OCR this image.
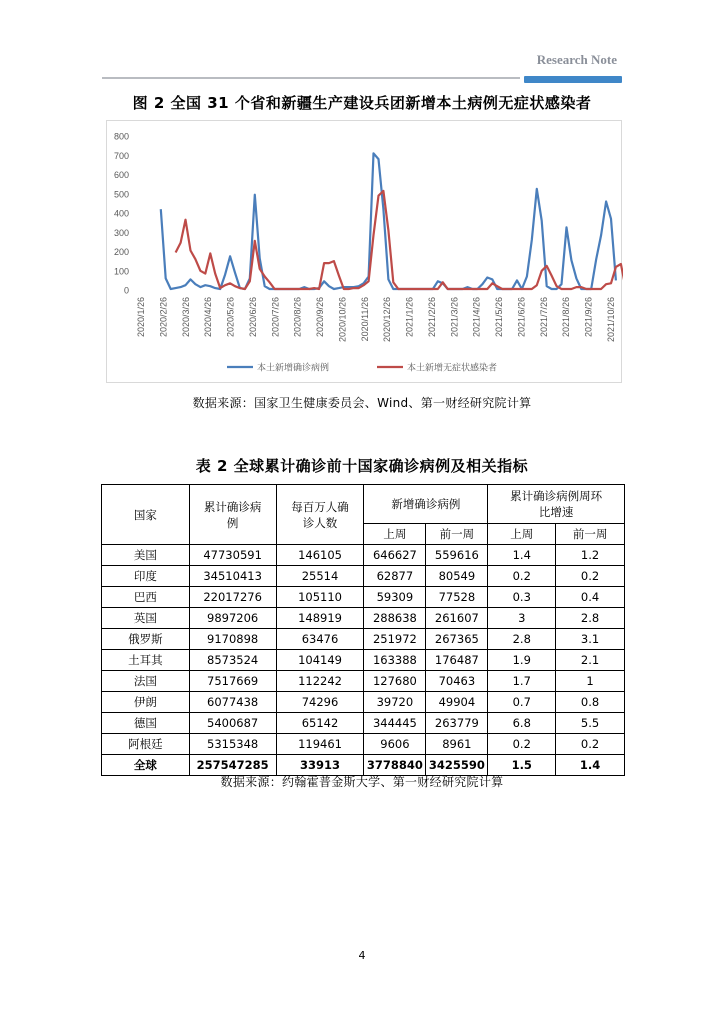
Research Note
图 2 全国 31 个省和新疆生产建设兵团新增本土病例无症状感染者
0
100
200
300
400
500
600
700
800
2020/1/26 2020/2/26 2020/3/26 2020/4/26 2020/5/26 2020/6/26 2020/7/26 2020/8/26 2020/9/26 2020/10/26 2020/11/26 2020/12/26 2021/1/26 2021/2/26 2021/3/26 2021/4/26 2021/5/26 2021/6/26 2021/7/26 2021/8/26 2021/9/26 2021/10/26
本土新增确诊病例	本土新增无症状感染者
数据来源：国家卫生健康委员会、Wind、第一财经研究院计算
表 2 全球累计确诊前十国家确诊病例及相关指标
国家	累计确诊病例	每百万人确诊人数	新增确诊病例		累计确诊病例周环比增速	
			上周	前一周	上周	前一周
美国	47730591	146105	646627	559616	1.4	1.2
印度	34510413	25514	62877	80549	0.2	0.2
巴西	22017276	105110	59309	77528	0.3	0.4
英国	9897206	148919	288638	261607	3	2.8
俄罗斯	9170898	63476	251972	267365	2.8	3.1
土耳其	8573524	104149	163388	176487	1.9	2.1
法国	7517669	112242	127680	70463	1.7	1
伊朗	6077438	74296	39720	49904	0.7	0.8
德国	5400687	65142	344445	263779	6.8	5.5
阿根廷	5315348	119461	9606	8961	0.2	0.2
全球	257547285	33913	3778840	3425590	1.5	1.4
数据来源：约翰霍普金斯大学、第一财经研究院计算
4
